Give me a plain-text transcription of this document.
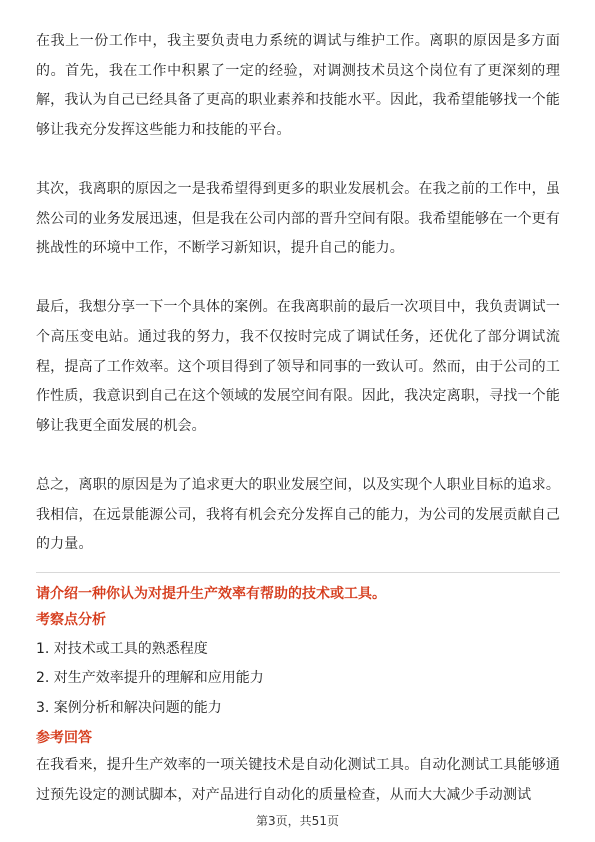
在我上一份工作中，我主要负责电力系统的调试与维护工作。离职的原因是多方面的。首先，我在工作中积累了一定的经验，对调测技术员这个岗位有了更深刻的理解，我认为自己已经具备了更高的职业素养和技能水平。因此，我希望能够找一个能够让我充分发挥这些能力和技能的平台。

其次，我离职的原因之一是我希望得到更多的职业发展机会。在我之前的工作中，虽然公司的业务发展迅速，但是我在公司内部的晋升空间有限。我希望能够在一个更有挑战性的环境中工作，不断学习新知识，提升自己的能力。

最后，我想分享一下一个具体的案例。在我离职前的最后一次项目中，我负责调试一个高压变电站。通过我的努力，我不仅按时完成了调试任务，还优化了部分调试流程，提高了工作效率。这个项目得到了领导和同事的一致认可。然而，由于公司的工作性质，我意识到自己在这个领域的发展空间有限。因此，我决定离职，寻找一个能够让我更全面发展的机会。

总之，离职的原因是为了追求更大的职业发展空间，以及实现个人职业目标的追求。我相信，在远景能源公司，我将有机会充分发挥自己的能力，为公司的发展贡献自己的力量。

请介绍一种你认为对提升生产效率有帮助的技术或工具。

考察点分析

1. 对技术或工具的熟悉程度
2. 对生产效率提升的理解和应用能力
3. 案例分析和解决问题的能力

参考回答

在我看来，提升生产效率的一项关键技术是自动化测试工具。自动化测试工具能够通过预先设定的测试脚本，对产品进行自动化的质量检查，从而大大减少手动测试

第3页，共51页
